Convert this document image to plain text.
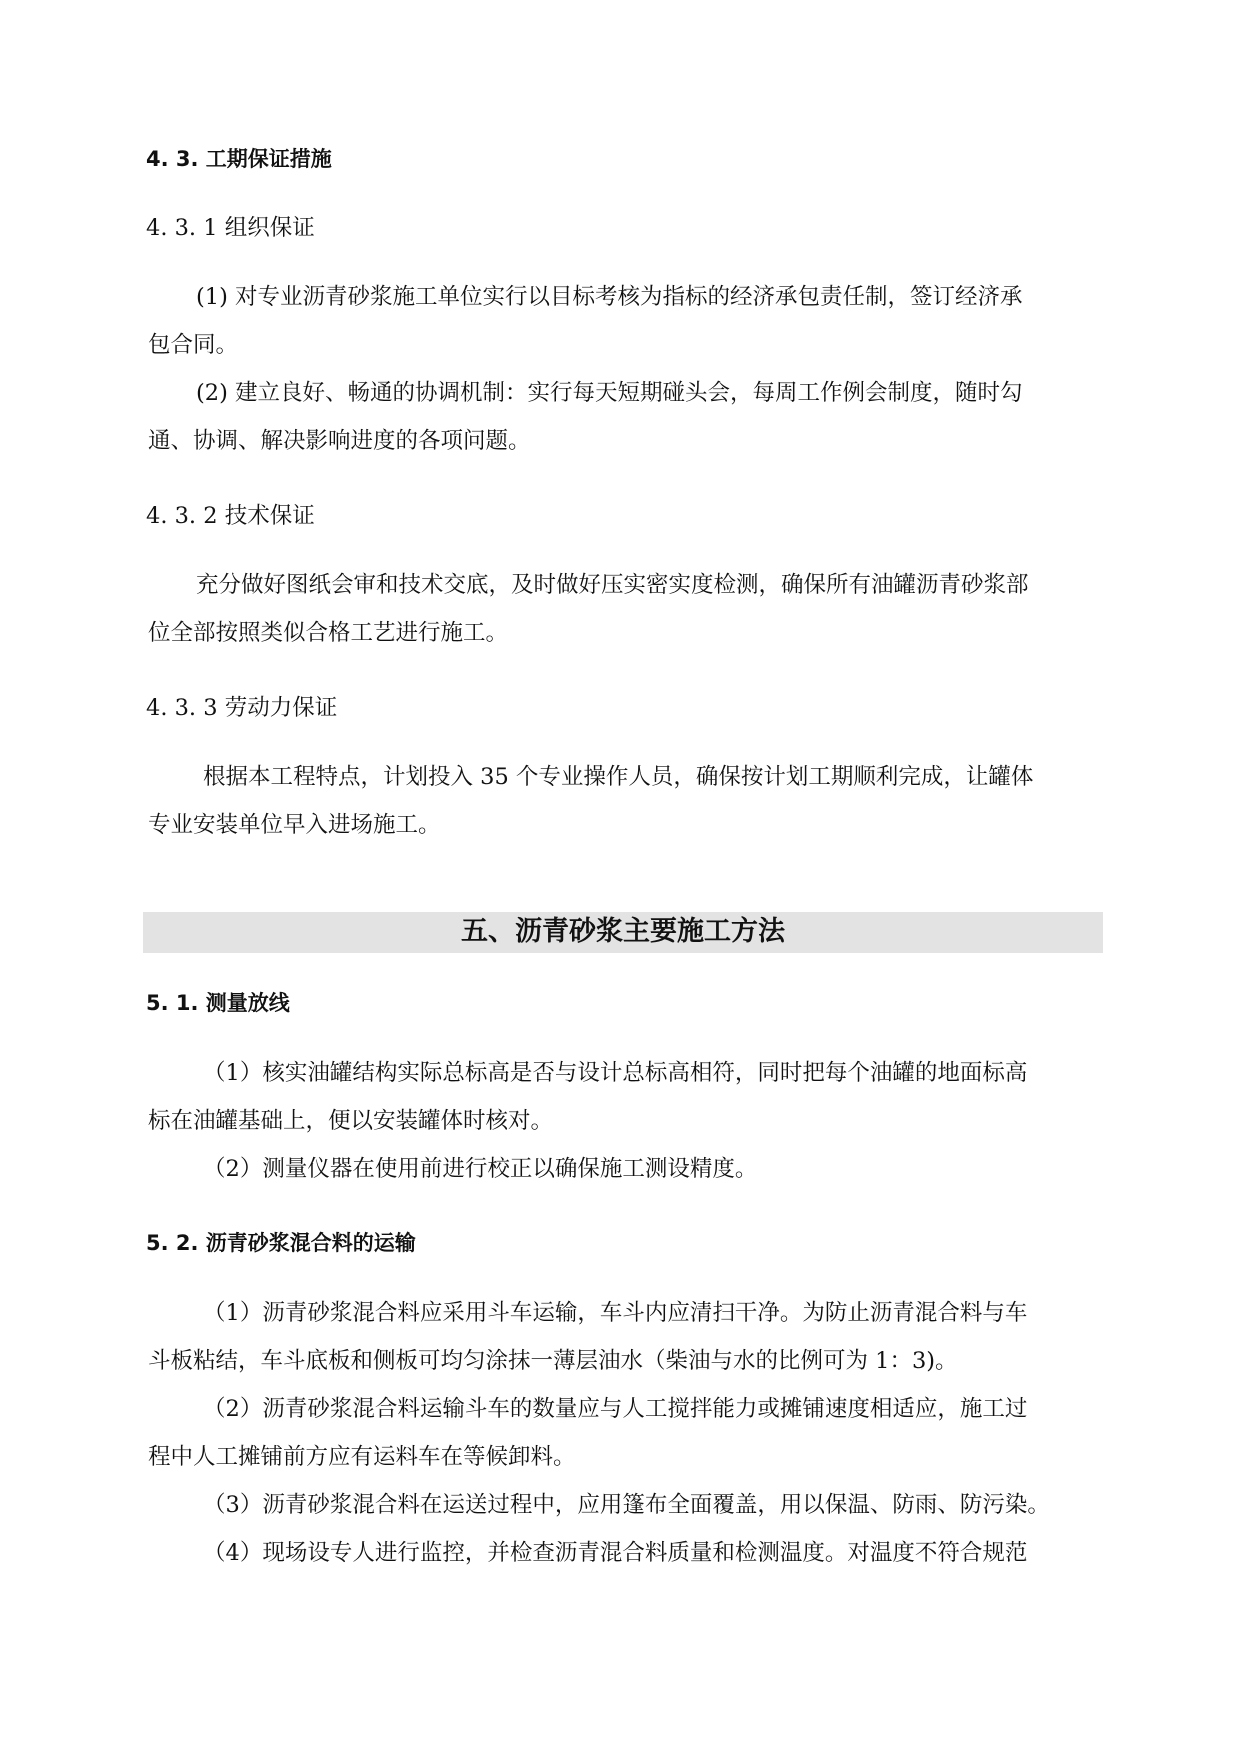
4. 3. 工期保证措施
4. 3. 1 组织保证
(1) 对专业沥青砂浆施工单位实行以目标考核为指标的经济承包责任制，签订经济承
包合同。
(2) 建立良好、畅通的协调机制：实行每天短期碰头会，每周工作例会制度，随时勾
通、协调、解决影响进度的各项问题。
4. 3. 2 技术保证
充分做好图纸会审和技术交底，及时做好压实密实度检测，确保所有油罐沥青砂浆部
位全部按照类似合格工艺进行施工。
4. 3. 3 劳动力保证
根据本工程特点，计划投入 35 个专业操作人员，确保按计划工期顺利完成，让罐体
专业安装单位早入进场施工。
五、沥青砂浆主要施工方法
5. 1. 测量放线
（1）核实油罐结构实际总标高是否与设计总标高相符，同时把每个油罐的地面标高
标在油罐基础上，便以安装罐体时核对。
（2）测量仪器在使用前进行校正以确保施工测设精度。
5. 2. 沥青砂浆混合料的运输
（1）沥青砂浆混合料应采用斗车运输，车斗内应清扫干净。为防止沥青混合料与车
斗板粘结，车斗底板和侧板可均匀涂抹一薄层油水（柴油与水的比例可为 1：3)。
（2）沥青砂浆混合料运输斗车的数量应与人工搅拌能力或摊铺速度相适应，施工过
程中人工摊铺前方应有运料车在等候卸料。
（3）沥青砂浆混合料在运送过程中，应用篷布全面覆盖，用以保温、防雨、防污染。
（4）现场设专人进行监控，并检查沥青混合料质量和检测温度。对温度不符合规范
